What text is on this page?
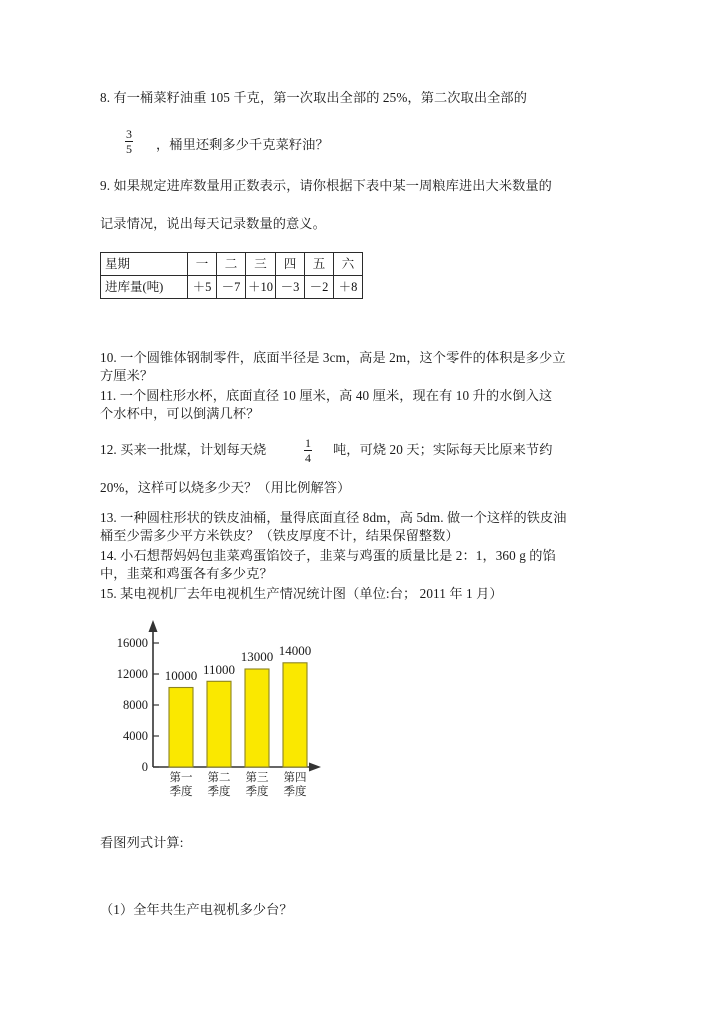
8. 有一桶菜籽油重 105 千克，第一次取出全部的 25%，第二次取出全部的
3
5 ，桶里还剩多少千克菜籽油？
9. 如果规定进库数量用正数表示，请你根据下表中某一周粮库进出大米数量的
记录情况，说出每天记录数量的意义。
星期	一	二	三	四	五	六
进库量(吨)	＋5	－7	＋10	－3	－2	＋8
10. 一个圆锥体钢制零件，底面半径是 3cm，高是 2m，这个零件的体积是多少立
方厘米？
11. 一个圆柱形水杯，底面直径 10 厘米，高 40 厘米，现在有 10 升的水倒入这
个水杯中，可以倒满几杯？
12. 买来一批煤，计划每天烧	1
4
吨，可烧 20 天；实际每天比原来节约
20%，这样可以烧多少天？（用比例解答）
13. 一种圆柱形状的铁皮油桶，量得底面直径 8dm，高 5dm. 做一个这样的铁皮油
桶至少需多少平方米铁皮？（铁皮厚度不计，结果保留整数）
14. 小石想帮妈妈包韭菜鸡蛋馅饺子，韭菜与鸡蛋的质量比是 2：1，360 g 的馅
中，韭菜和鸡蛋各有多少克？
15. 某电视机厂去年电视机生产情况统计图（单位:台； 2011 年 1 月）
0
4000
8000
12000
16000
10000 11000
13000 14000
第一
季度
第二
季度
第三
季度
第四
季度
看图列式计算:
（1）全年共生产电视机多少台？
